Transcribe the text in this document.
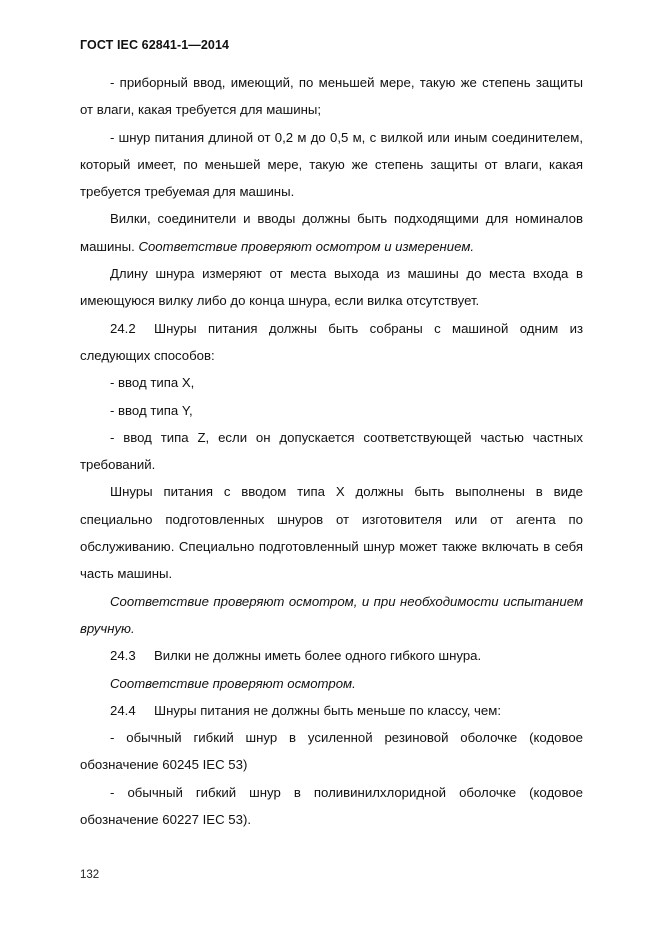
ГОСТ IEC 62841-1—2014

- приборный ввод, имеющий, по меньшей мере, такую же степень защиты от влаги, какая требуется для машины;

- шнур питания длиной от 0,2 м до 0,5 м, с вилкой или иным соединителем, который имеет, по меньшей мере, такую же степень защиты от влаги, какая требуется требуемая для машины.

Вилки, соединители и вводы должны быть подходящими для номиналов машины. Соответствие проверяют осмотром и измерением.

Длину шнура измеряют от места выхода из машины до места входа в имеющуюся вилку либо до конца шнура, если вилка отсутствует.

24.2 Шнуры питания должны быть собраны с машиной одним из следующих способов:

- ввод типа X,

- ввод типа Y,

- ввод типа Z, если он допускается соответствующей частью частных требований.

Шнуры питания с вводом типа X должны быть выполнены в виде специально подготовленных шнуров от изготовителя или от агента по обслуживанию. Специально подготовленный шнур может также включать в себя часть машины.

Соответствие проверяют осмотром, и при необходимости испытанием вручную.

24.3 Вилки не должны иметь более одного гибкого шнура.

Соответствие проверяют осмотром.

24.4 Шнуры питания не должны быть меньше по классу, чем:

- обычный гибкий шнур в усиленной резиновой оболочке (кодовое обозначение 60245 IEC 53)

- обычный гибкий шнур в поливинилхлоридной оболочке (кодовое обозначение 60227 IEC 53).

132
